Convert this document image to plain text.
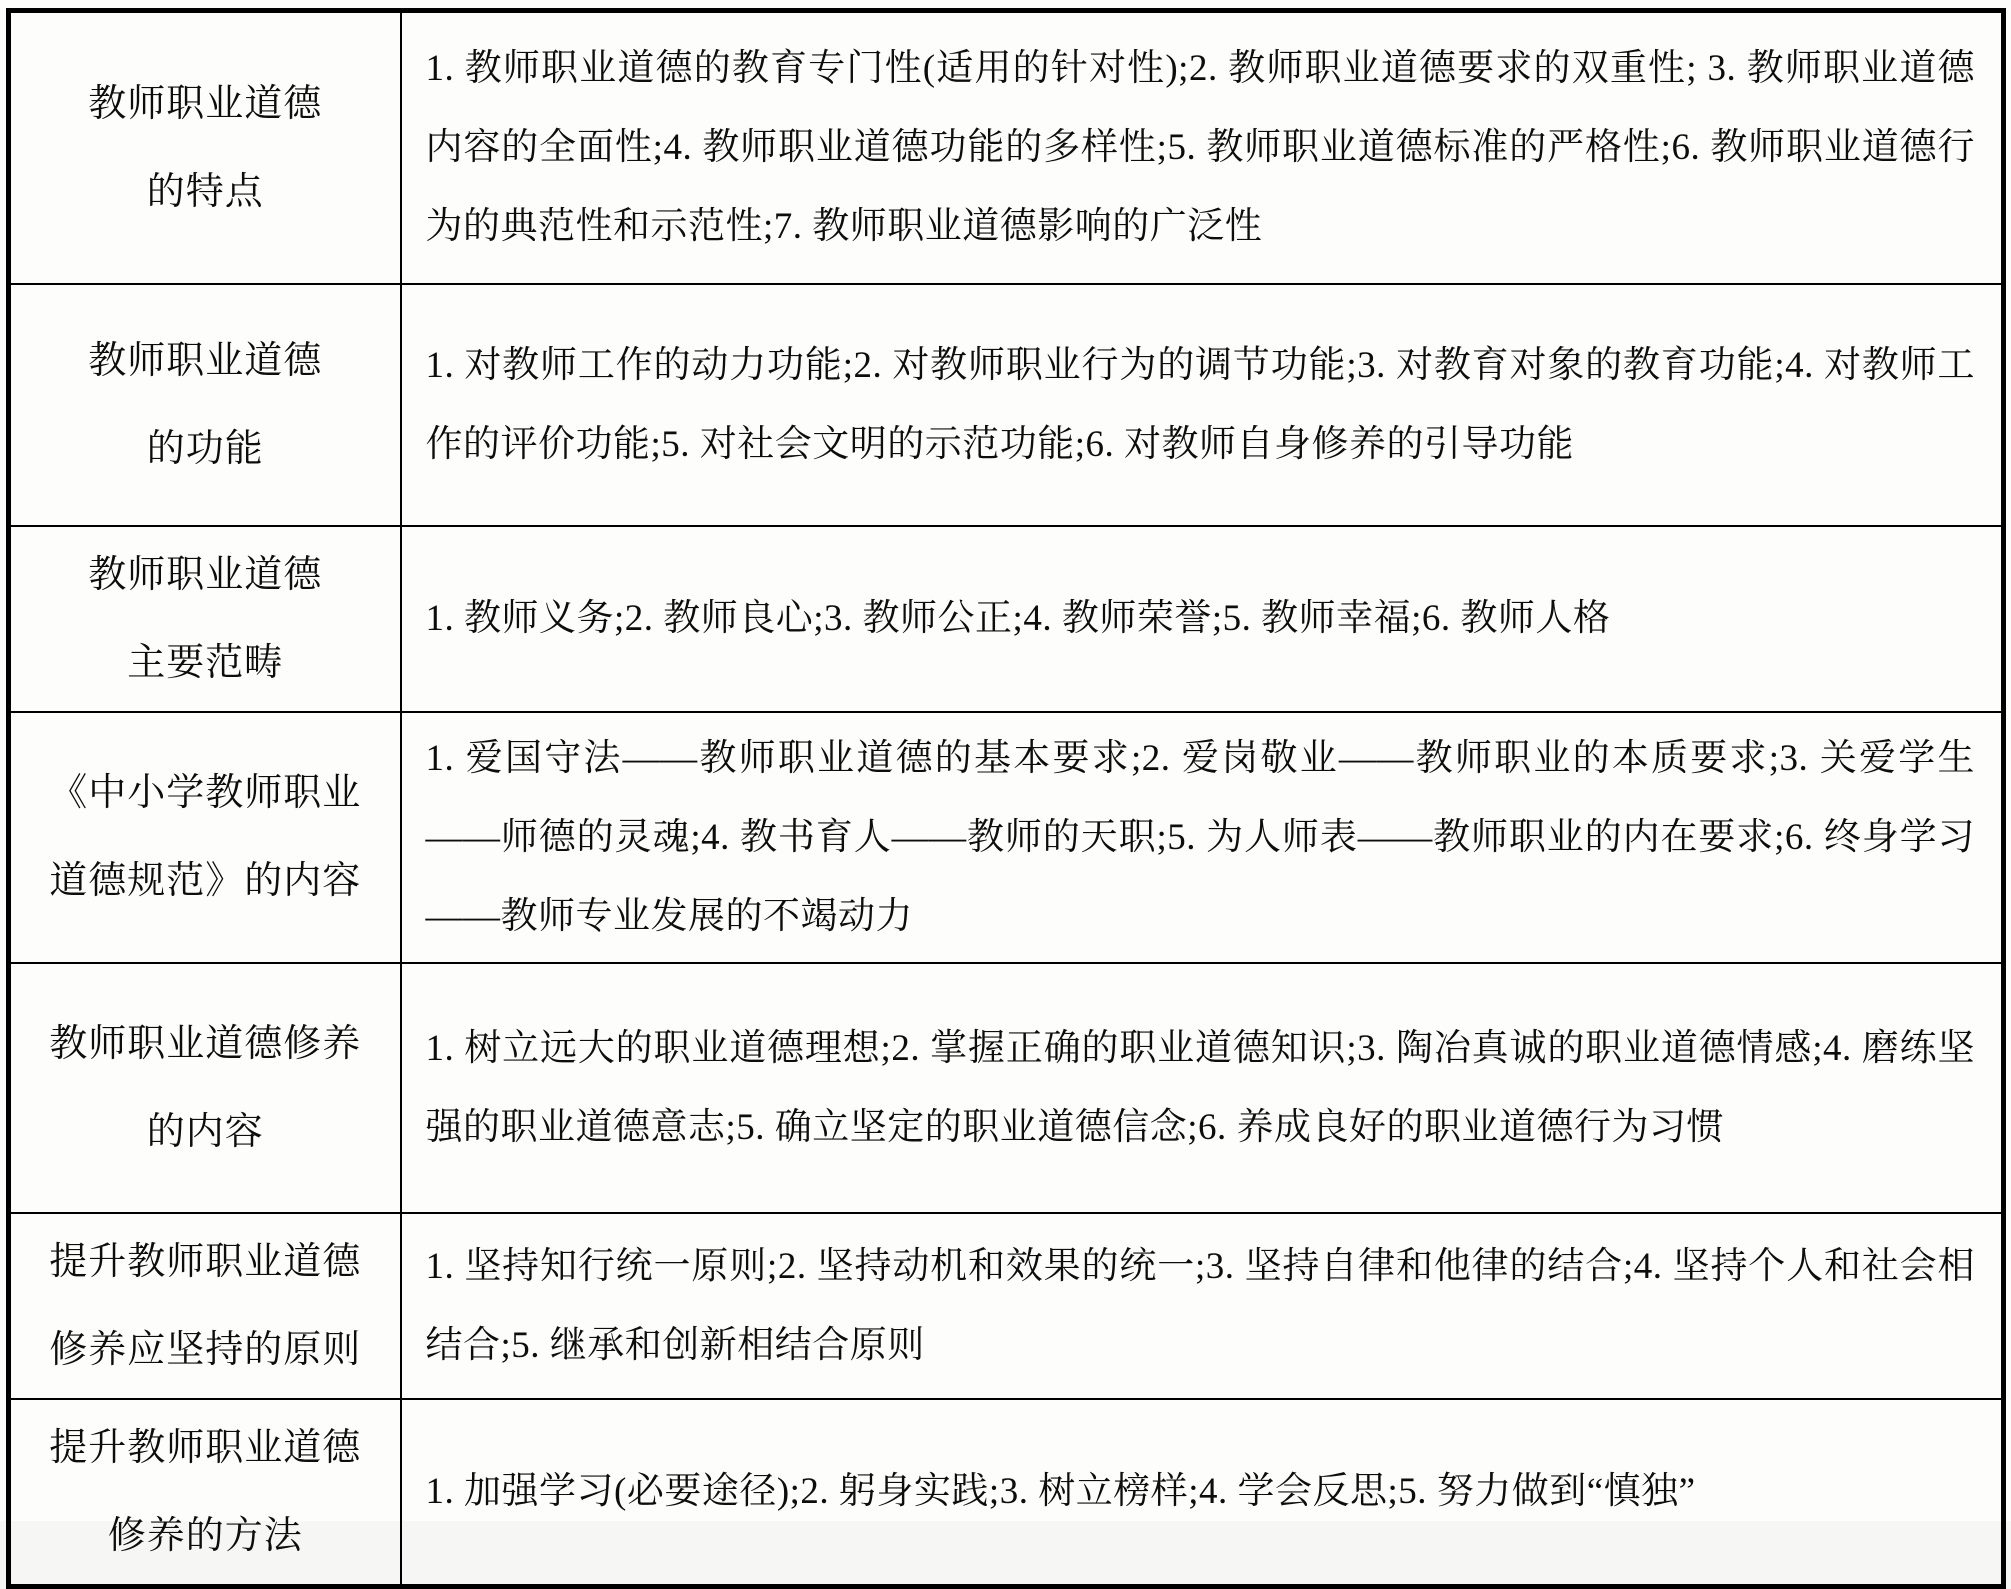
教师职业道德
的特点	1. 教师职业道德的教育专门性(适用的针对性);2. 教师职业道德要求的双重性; 3. 教师职业道德内容的全面性;4. 教师职业道德功能的多样性;5. 教师职业道德标准的严格性;6. 教师职业道德行为的典范性和示范性;7. 教师职业道德影响的广泛性

教师职业道德
的功能	1. 对教师工作的动力功能;2. 对教师职业行为的调节功能;3. 对教育对象的教育功能;4. 对教师工作的评价功能;5. 对社会文明的示范功能;6. 对教师自身修养的引导功能

教师职业道德
主要范畴	1. 教师义务;2. 教师良心;3. 教师公正;4. 教师荣誉;5. 教师幸福;6. 教师人格

《中小学教师职业
道德规范》的内容	1. 爱国守法——教师职业道德的基本要求;2. 爱岗敬业——教师职业的本质要求;3. 关爱学生——师德的灵魂;4. 教书育人——教师的天职;5. 为人师表——教师职业的内在要求;6. 终身学习——教师专业发展的不竭动力

教师职业道德修养
的内容	1. 树立远大的职业道德理想;2. 掌握正确的职业道德知识;3. 陶冶真诚的职业道德情感;4. 磨练坚强的职业道德意志;5. 确立坚定的职业道德信念;6. 养成良好的职业道德行为习惯

提升教师职业道德
修养应坚持的原则	1. 坚持知行统一原则;2. 坚持动机和效果的统一;3. 坚持自律和他律的结合;4. 坚持个人和社会相结合;5. 继承和创新相结合原则

提升教师职业道德
修养的方法	1. 加强学习(必要途径);2. 躬身实践;3. 树立榜样;4. 学会反思;5. 努力做到“慎独”
